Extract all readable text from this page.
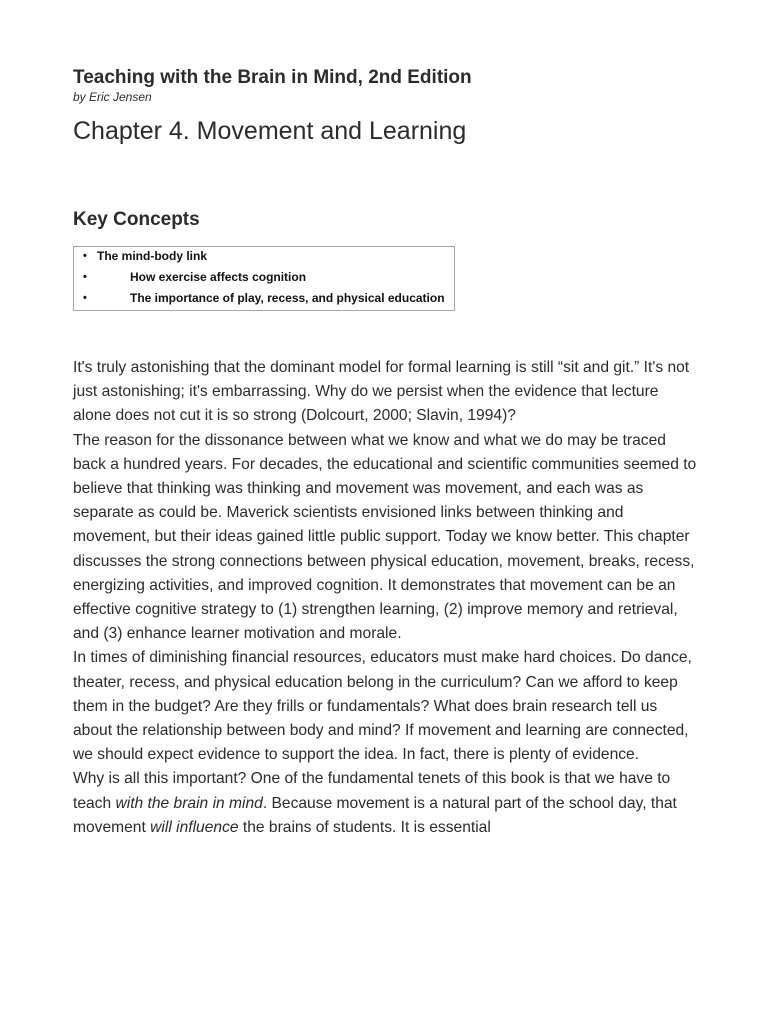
Teaching with the Brain in Mind, 2nd Edition

by Eric Jensen

Chapter 4. Movement and Learning
Key Concepts
• The mind-body link
•	How exercise affects cognition
•	The importance of play, recess, and physical education

It's truly astonishing that the dominant model for formal learning is still “sit and git.” It's not just astonishing; it's embarrassing. Why do we persist when the evidence that lecture alone does not cut it is so strong (Dolcourt, 2000; Slavin, 1994)?

The reason for the dissonance between what we know and what we do may be traced back a hundred years. For decades, the educational and scientific communities seemed to believe that thinking was thinking and movement was movement, and each was as separate as could be. Maverick scientists envisioned links between thinking and movement, but their ideas gained little public support. Today we know better. This chapter discusses the strong connections between physical education, movement, breaks, recess, energizing activities, and improved cognition. It demonstrates that movement can be an effective cognitive strategy to (1) strengthen learning, (2) improve memory and retrieval, and (3) enhance learner motivation and morale.

In times of diminishing financial resources, educators must make hard choices. Do dance, theater, recess, and physical education belong in the curriculum? Can we afford to keep them in the budget? Are they frills or fundamentals? What does brain research tell us about the relationship between body and mind? If movement and learning are connected, we should expect evidence to support the idea. In fact, there is plenty of evidence.

Why is all this important? One of the fundamental tenets of this book is that we have to teach with the brain in mind. Because movement is a natural part of the school day, that movement will influence the brains of students. It is essential
